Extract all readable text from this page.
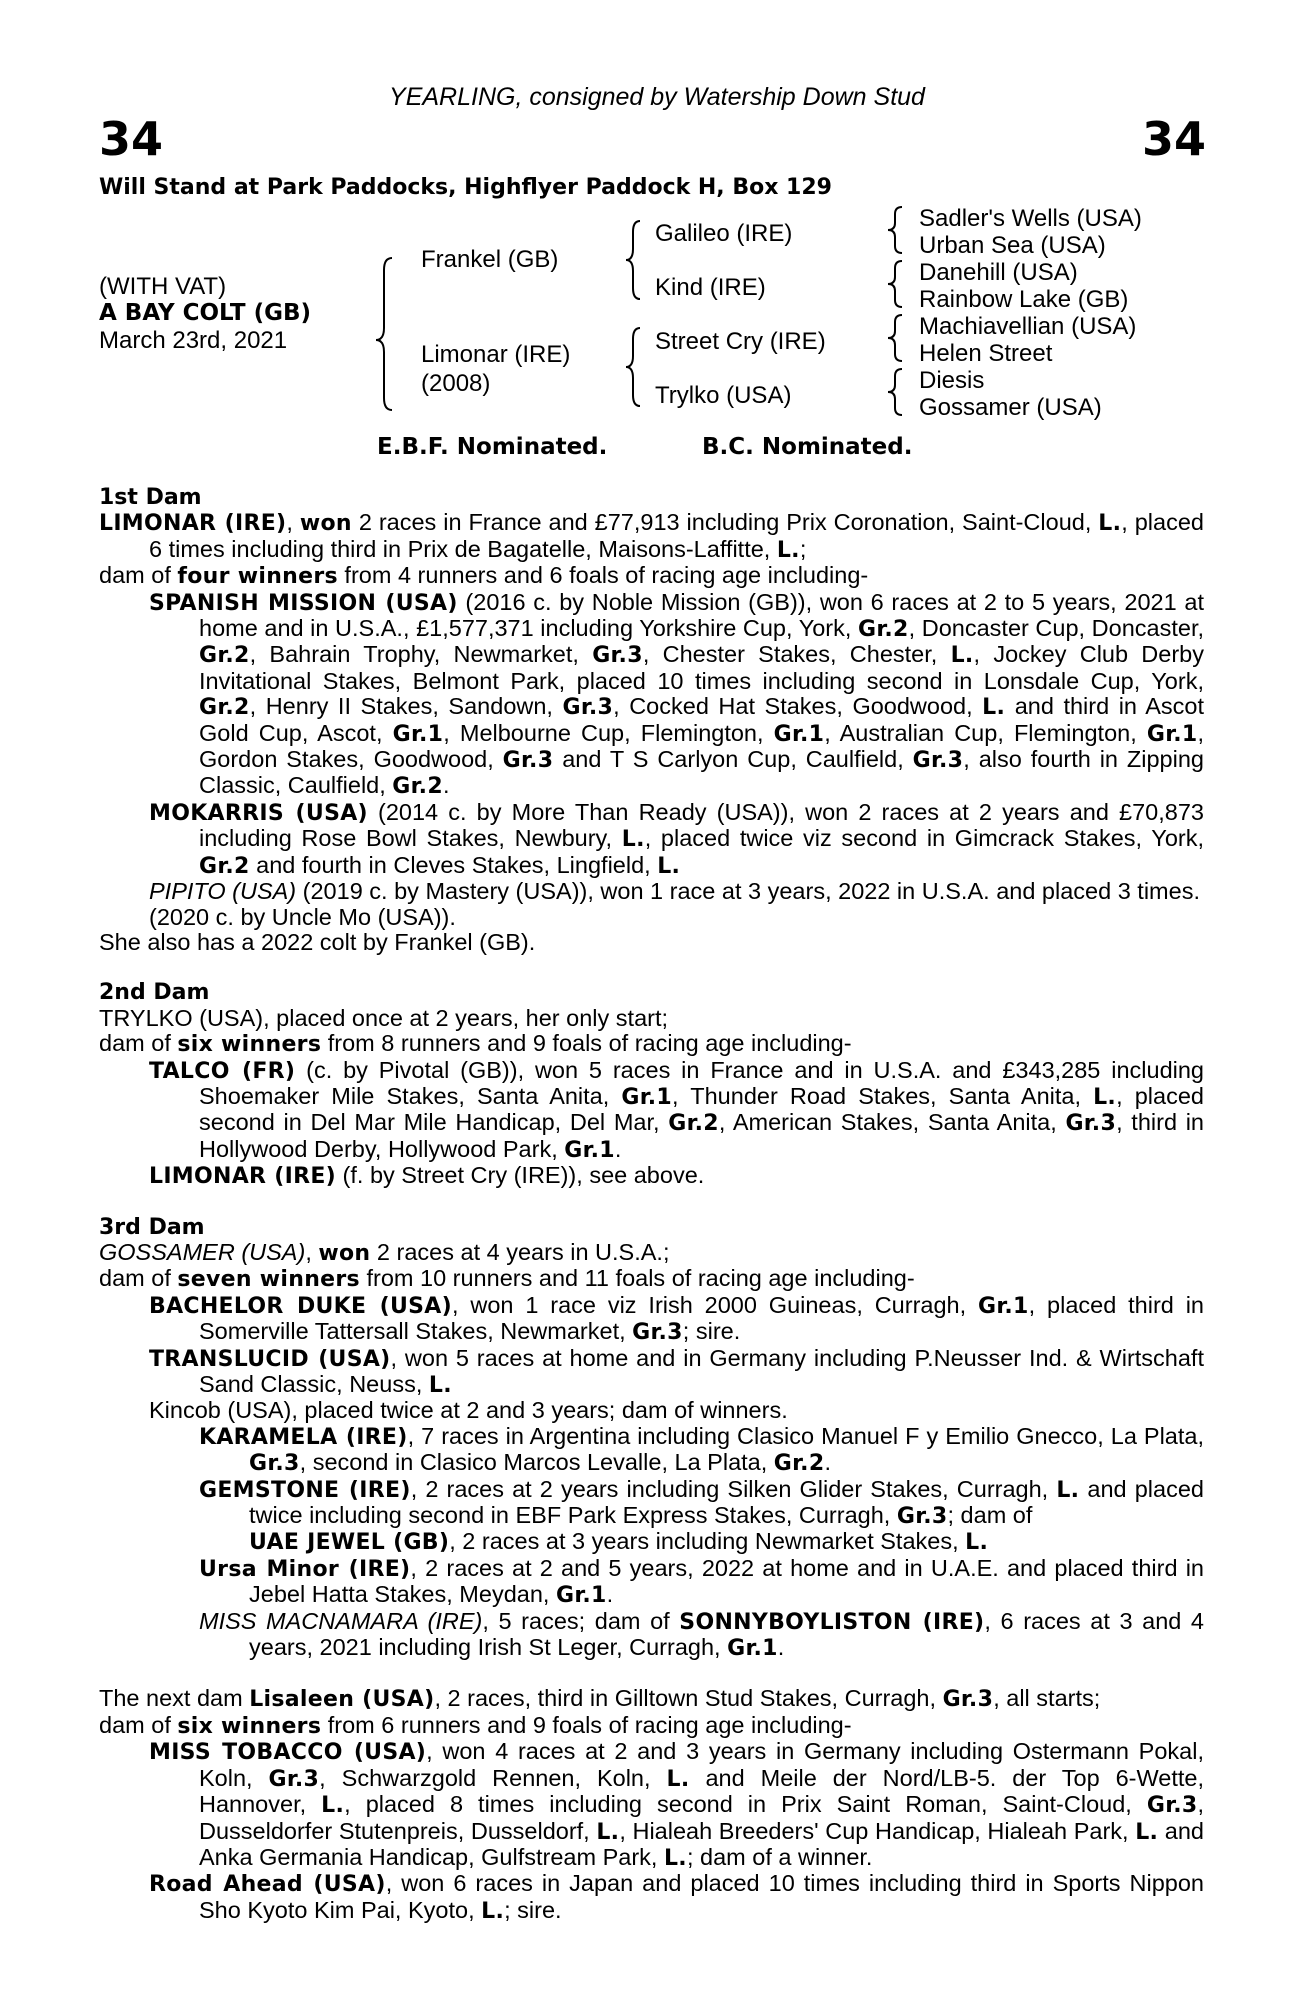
YEARLING, consigned by Watership Down Stud
34	34
Will Stand at Park Paddocks, Highflyer Paddock H, Box 129
(WITH VAT)
A BAY COLT (GB)
March 23rd, 2021
Frankel (GB)
Limonar (IRE)
(2008)
Galileo (IRE)
Kind (IRE)
Street Cry (IRE)
Trylko (USA)
Sadler's Wells (USA)
Urban Sea (USA)
Danehill (USA)
Rainbow Lake (GB)
Machiavellian (USA)
Helen Street
Diesis
Gossamer (USA)
E.B.F. Nominated.	B.C. Nominated.

1st Dam

LIMONAR (IRE), won 2 races in France and £77,913 including Prix Coronation, Saint-Cloud, L., placed 6 times including third in Prix de Bagatelle, Maisons-Laffitte, L.;

dam of four winners from 4 runners and 6 foals of racing age including-

SPANISH MISSION (USA) (2016 c. by Noble Mission (GB)), won 6 races at 2 to 5 years, 2021 at home and in U.S.A., £1,577,371 including Yorkshire Cup, York, Gr.2, Doncaster Cup, Doncaster, Gr.2, Bahrain Trophy, Newmarket, Gr.3, Chester Stakes, Chester, L., Jockey Club Derby Invitational Stakes, Belmont Park, placed 10 times including second in Lonsdale Cup, York, Gr.2, Henry II Stakes, Sandown, Gr.3, Cocked Hat Stakes, Goodwood, L. and third in Ascot Gold Cup, Ascot, Gr.1, Melbourne Cup, Flemington, Gr.1, Australian Cup, Flemington, Gr.1, Gordon Stakes, Goodwood, Gr.3 and T S Carlyon Cup, Caulfield, Gr.3, also fourth in Zipping Classic, Caulfield, Gr.2.

MOKARRIS (USA) (2014 c. by More Than Ready (USA)), won 2 races at 2 years and £70,873 including Rose Bowl Stakes, Newbury, L., placed twice viz second in Gimcrack Stakes, York, Gr.2 and fourth in Cleves Stakes, Lingfield, L.

PIPITO (USA) (2019 c. by Mastery (USA)), won 1 race at 3 years, 2022 in U.S.A. and placed 3 times.

(2020 c. by Uncle Mo (USA)).

She also has a 2022 colt by Frankel (GB).

2nd Dam

TRYLKO (USA), placed once at 2 years, her only start;

dam of six winners from 8 runners and 9 foals of racing age including-

TALCO (FR) (c. by Pivotal (GB)), won 5 races in France and in U.S.A. and £343,285 including Shoemaker Mile Stakes, Santa Anita, Gr.1, Thunder Road Stakes, Santa Anita, L., placed second in Del Mar Mile Handicap, Del Mar, Gr.2, American Stakes, Santa Anita, Gr.3, third in Hollywood Derby, Hollywood Park, Gr.1.

LIMONAR (IRE) (f. by Street Cry (IRE)), see above.

3rd Dam

GOSSAMER (USA), won 2 races at 4 years in U.S.A.;

dam of seven winners from 10 runners and 11 foals of racing age including-

BACHELOR DUKE (USA), won 1 race viz Irish 2000 Guineas, Curragh, Gr.1, placed third in Somerville Tattersall Stakes, Newmarket, Gr.3; sire.

TRANSLUCID (USA), won 5 races at home and in Germany including P.Neusser Ind. & Wirtschaft Sand Classic, Neuss, L.

Kincob (USA), placed twice at 2 and 3 years; dam of winners.

KARAMELA (IRE), 7 races in Argentina including Clasico Manuel F y Emilio Gnecco, La Plata, Gr.3, second in Clasico Marcos Levalle, La Plata, Gr.2.

GEMSTONE (IRE), 2 races at 2 years including Silken Glider Stakes, Curragh, L. and placed twice including second in EBF Park Express Stakes, Curragh, Gr.3; dam of
UAE JEWEL (GB), 2 races at 3 years including Newmarket Stakes, L.

Ursa Minor (IRE), 2 races at 2 and 5 years, 2022 at home and in U.A.E. and placed third in Jebel Hatta Stakes, Meydan, Gr.1.

MISS MACNAMARA (IRE), 5 races; dam of SONNYBOYLISTON (IRE), 6 races at 3 and 4 years, 2021 including Irish St Leger, Curragh, Gr.1.

The next dam Lisaleen (USA), 2 races, third in Gilltown Stud Stakes, Curragh, Gr.3, all starts;

dam of six winners from 6 runners and 9 foals of racing age including-

MISS TOBACCO (USA), won 4 races at 2 and 3 years in Germany including Ostermann Pokal, Koln, Gr.3, Schwarzgold Rennen, Koln, L. and Meile der Nord/LB-5. der Top 6-Wette, Hannover, L., placed 8 times including second in Prix Saint Roman, Saint-Cloud, Gr.3, Dusseldorfer Stutenpreis, Dusseldorf, L., Hialeah Breeders' Cup Handicap, Hialeah Park, L. and Anka Germania Handicap, Gulfstream Park, L.; dam of a winner.

Road Ahead (USA), won 6 races in Japan and placed 10 times including third in Sports Nippon Sho Kyoto Kim Pai, Kyoto, L.; sire.
